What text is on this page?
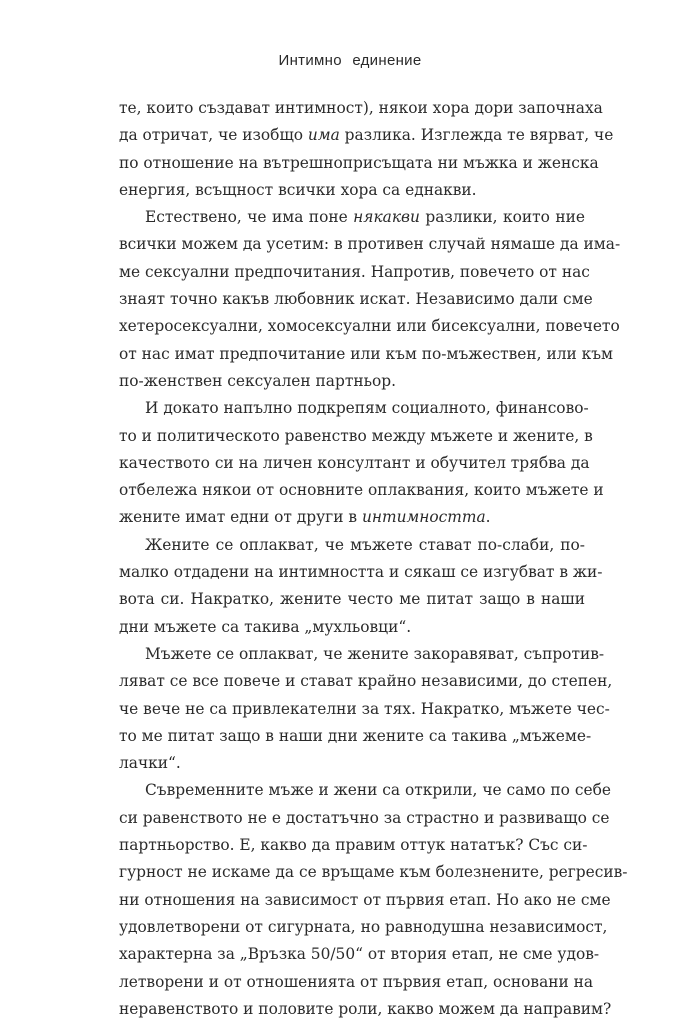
Интимно единение

те, които създават интимност), някои хора дори започнаха
да отричат, че изобщо има разлика. Изглежда те вярват, че
по отношение на вътрешноприсъщата ни мъжка и женска
енергия, всъщност всички хора са еднакви.

Естествено, че има поне някакви разлики, които ние
всички можем да усетим: в противен случай нямаше да има-
ме сексуални предпочитания. Напротив, повечето от нас
знаят точно какъв любовник искат. Независимо дали сме
хетеросексуални, хомосексуални или бисексуални, повечето
от нас имат предпочитание или към по-мъжествен, или към
по-женствен сексуален партньор.

И докато напълно подкрепям социалното, финансово-
то и политическото равенство между мъжете и жените, в
качеството си на личен консултант и обучител трябва да
отбележа някои от основните оплаквания, които мъжете и
жените имат едни от други в интимността.

Жените се оплакват, че мъжете стават по-слаби, по-
малко отдадени на интимността и сякаш се изгубват в жи-
вота си. Накратко, жените често ме питат защо в наши
дни мъжете са такива „мухльовци“.

Мъжете се оплакват, че жените закоравяват, съпротив-
ляват се все повече и стават крайно независими, до степен,
че вече не са привлекателни за тях. Накратко, мъжете чес-
то ме питат защо в наши дни жените са такива „мъжеме-
лачки“.

Съвременните мъже и жени са открили, че само по себе
си равенството не е достатъчно за страстно и развиващо се
партньорство. Е, какво да правим оттук нататък? Със си-
гурност не искаме да се връщаме към болезнените, регресив-
ни отношения на зависимост от първия етап. Но ако не сме
удовлетворени от сигурната, но равнодушна независимост,
характерна за „Връзка 50/50“ от втория етап, не сме удов-
летворени и от отношенията от първия етап, основани на
неравенството и половите роли, какво можем да направим?
